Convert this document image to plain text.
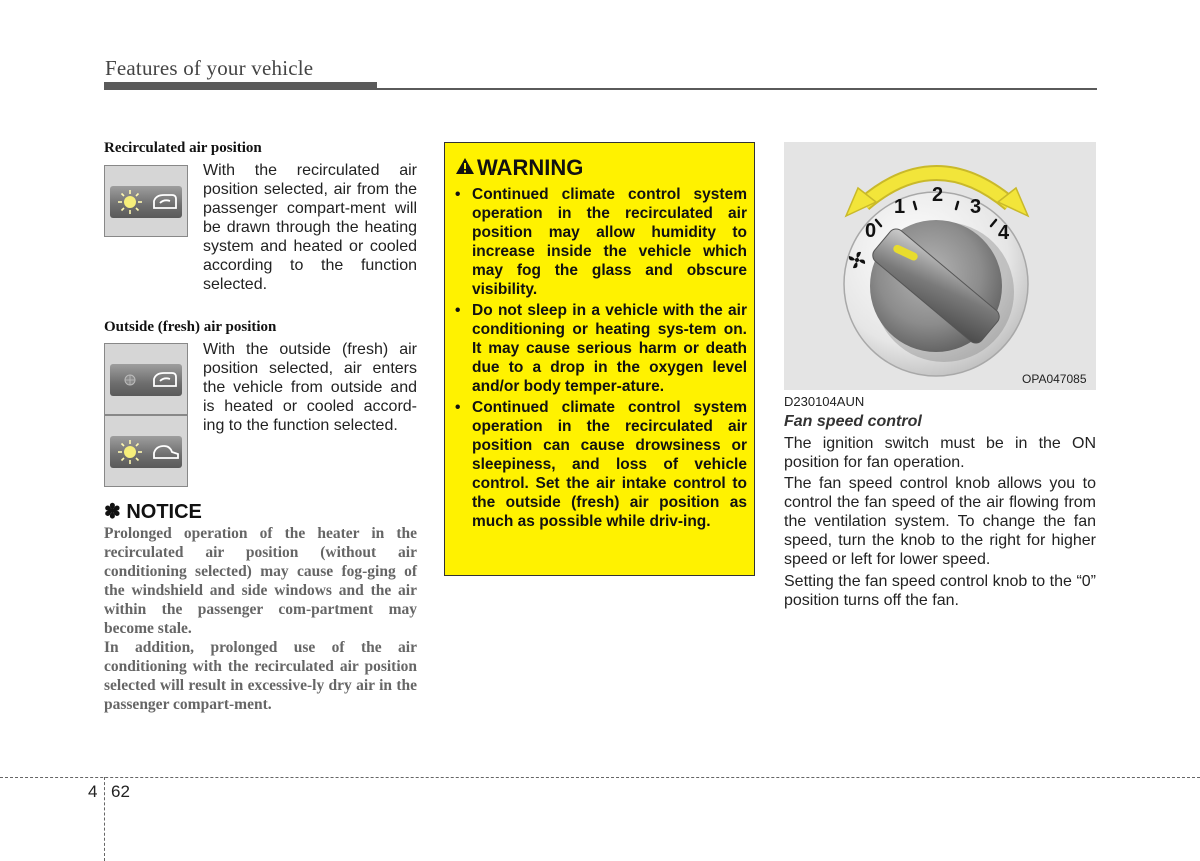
Features of your vehicle
Recirculated air position
With the recirculated air position selected, air from the passenger compart-ment will be drawn through the heating system and heated or cooled according to the function selected.
Outside (fresh) air position
With the outside (fresh) air position selected, air enters the vehicle from outside and is heated or cooled accord-ing to the function selected.
✽ NOTICE
Prolonged operation of the heater in the recirculated air position (without air conditioning selected) may cause fog-ging of the windshield and side windows and the air within the passenger com-partment may become stale.
In addition, prolonged use of the air conditioning with the recirculated air position selected will result in excessive-ly dry air in the passenger compart-ment.
WARNING
• Continued climate control system operation in the recirculated air position may allow humidity to increase inside the vehicle which may fog the glass and obscure visibility.
• Do not sleep in a vehicle with the air conditioning or heating sys-tem on. It may cause serious harm or death due to a drop in the oxygen level and/or body temper-ature.
• Continued climate control system operation in the recirculated air position can cause drowsiness or sleepiness, and loss of vehicle control. Set the air intake control to the outside (fresh) air position as much as possible while driv-ing.
0
1
2
3
4
OPA047085
D230104AUN
Fan speed control
The ignition switch must be in the ON position for fan operation.
The fan speed control knob allows you to control the fan speed of the air flowing from the ventilation system. To change the fan speed, turn the knob to the right for higher speed or left for lower speed.
Setting the fan speed control knob to the “0” position turns off the fan.
4 62
